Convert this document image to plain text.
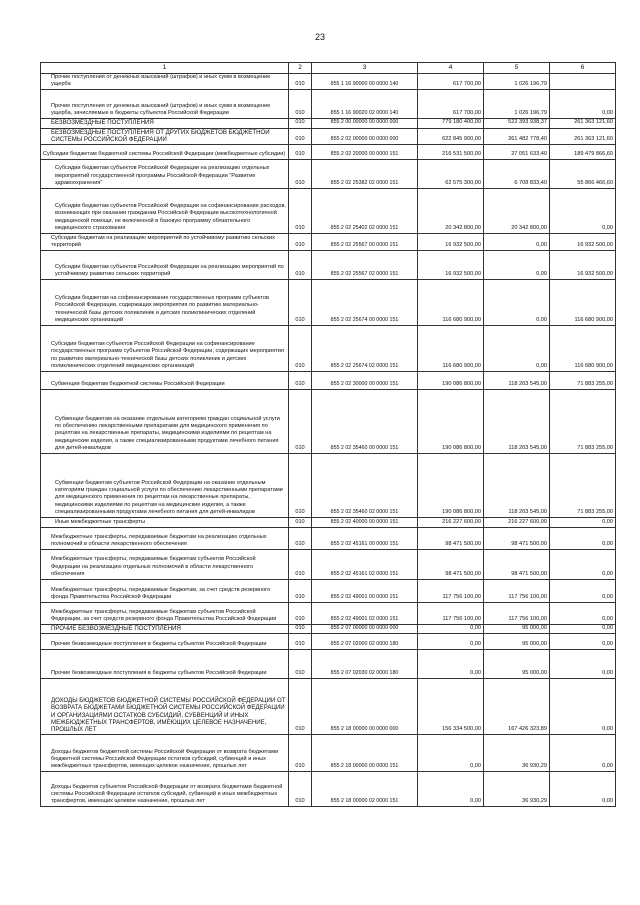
23
1	2	3	4	5	6
Прочие поступления от денежных взысканий (штрафов) и иных сумм в возмещение ущерба	010	855 1 16 90000 00 0000 140	617 700,00	1 026 196,79	
Прочие поступления от денежных взысканий (штрафов) и иных сумм в возмещение ущерба, зачисляемые в бюджеты субъектов Российской Федерации	010	855 1 16 90020 02 0000 140	617 700,00	1 026 196,79	0,00
БЕЗВОЗМЕЗДНЫЕ ПОСТУПЛЕНИЯ	010	855 2 00 00000 00 0000 000	779 180 400,00	522 393 938,37	261 363 121,60
БЕЗВОЗМЕЗДНЫЕ ПОСТУПЛЕНИЯ ОТ ДРУГИХ БЮДЖЕТОВ БЮДЖЕТНОЙ СИСТЕМЫ РОССИЙСКОЙ ФЕДЕРАЦИИ	010	855 2 02 00000 00 0000 000	622 845 900,00	361 482 778,40	261 363 121,60
Субсидии бюджетам бюджетной системы Российской Федерации (межбюджетные субсидии)	010	855 2 02 20000 00 0000 151	216 531 500,00	27 051 633,40	189 479 866,60
Субсидии бюджетам субъектов Российской Федерации на реализацию отдельных мероприятий государственной программы Российской Федерации "Развитие здравоохранения"	010	855 2 02 25382 02 0000 151	62 575 300,00	6 708 833,40	55 866 466,60
Субсидии бюджетам субъектов Российской Федерации на софинансирование расходов, возникающих при оказании гражданам Российской Федерации высокотехнологичной медицинской помощи, не включенной в базовую программу обязательного медицинского страхования	010	855 2 02 25402 02 0000 151	20 342 800,00	20 342 800,00	0,00
Субсидии бюджетам на реализацию мероприятий по устойчивому развитию сельских территорий	010	855 2 02 25567 00 0000 151	16 932 500,00	0,00	16 932 500,00
Субсидии бюджетам субъектов Российской Федерации на реализацию мероприятий по устойчивому развитию сельских территорий	010	855 2 02 25567 02 0000 151	16 932 500,00	0,00	16 932 500,00
Субсидии бюджетам на софинансирование государственных программ субъектов Российской Федерации, содержащих мероприятия по развитию материально-технической базы детских поликлиник и детских поликлинических отделений медицинских организаций	010	855 2 02 25674 00 0000 151	116 680 900,00	0,00	116 680 900,00
Субсидии бюджетам субъектов Российской Федерации на софинансирование государственных программ субъектов Российской Федерации, содержащих мероприятия по развитию материально-технической базы детских поликлиник и детских поликлинических отделений медицинских организаций	010	855 2 02 25674 02 0000 151	116 680 900,00	0,00	116 680 900,00
Субвенции бюджетам бюджетной системы Российской Федерации	010	855 2 02 30000 00 0000 151	190 086 800,00	118 203 545,00	71 883 255,00
Субвенции бюджетам на оказание отдельным категориям граждан социальной услуги по обеспечению лекарственными препаратами для медицинского применения по рецептам на лекарственные препараты, медицинскими изделиями по рецептам на медицинские изделия, а также специализированными продуктами лечебного питания для детей-инвалидов	010	855 2 02 35460 00 0000 151	190 086 800,00	118 203 545,00	71 883 255,00
Субвенции бюджетам субъектов Российской Федерации на оказание отдельным категориям граждан социальной услуги по обеспечению лекарственными препаратами для медицинского применения по рецептам на лекарственные препараты, медицинскими изделиями по рецептам на медицинские изделия, а также специализированными продуктами лечебного питания для детей-инвалидов	010	855 2 02 35460 02 0000 151	190 086 800,00	118 203 545,00	71 883 255,00
Иные межбюджетные трансферты	010	855 2 02 40000 00 0000 151	216 227 600,00	216 227 600,00	0,00
Межбюджетные трансферты, передаваемые бюджетам на реализацию отдельных полномочий в области лекарственного обеспечения	010	855 2 02 45161 00 0000 151	98 471 500,00	98 471 500,00	0,00
Межбюджетные трансферты, передаваемые бюджетам субъектов Российской Федерации на реализацию отдельных полномочий в области лекарственного обеспечения	010	855 2 02 45161 02 0000 151	98 471 500,00	98 471 500,00	0,00
Межбюджетные трансферты, передаваемые бюджетам, за счет средств резервного фонда Правительства Российской Федерации	010	855 2 02 49001 00 0000 151	117 756 100,00	117 756 100,00	0,00
Межбюджетные трансферты, передаваемые бюджетам субъектов Российской Федерации, за счет средств резервного фонда Правительства Российской Федерации	010	855 2 02 49001 02 0000 151	117 756 100,00	117 756 100,00	0,00
ПРОЧИЕ БЕЗВОЗМЕЗДНЫЕ ПОСТУПЛЕНИЯ	010	855 2 07 00000 00 0000 000	0,00	95 000,00	0,00
Прочие безвозмездные поступления в бюджеты субъектов Российской Федерации	010	855 2 07 02000 02 0000 180	0,00	95 000,00	0,00
Прочие безвозмездные поступления в бюджеты субъектов Российской Федерации	010	855 2 07 02030 02 0000 180	0,00	95 000,00	0,00
ДОХОДЫ БЮДЖЕТОВ БЮДЖЕТНОЙ СИСТЕМЫ РОССИЙСКОЙ ФЕДЕРАЦИИ ОТ ВОЗВРАТА БЮДЖЕТАМИ БЮДЖЕТНОЙ СИСТЕМЫ РОССИЙСКОЙ ФЕДЕРАЦИИ И ОРГАНИЗАЦИЯМИ ОСТАТКОВ СУБСИДИЙ, СУБВЕНЦИЙ И ИНЫХ МЕЖБЮДЖЕТНЫХ ТРАНСФЕРТОВ, ИМЕЮЩИХ ЦЕЛЕВОЕ НАЗНАЧЕНИЕ, ПРОШЛЫХ ЛЕТ	010	855 2 18 00000 00 0000 000	156 334 500,00	167 426 323,89	0,00
Доходы бюджетов бюджетной системы Российской Федерации от возврата бюджетами бюджетной системы Российской Федерации остатков субсидий, субвенций и иных межбюджетных трансфертов, имеющих целевое назначение, прошлых лет	010	855 2 18 00000 00 0000 151	0,00	36 930,29	0,00
Доходы бюджетов субъектов Российской Федерации от возврата бюджетами бюджетной системы Российской Федерации остатков субсидий, субвенций и иных межбюджетных трансфертов, имеющих целевое назначение, прошлых лет	010	855 2 18 00000 02 0000 151	0,00	36 930,29	0,00
